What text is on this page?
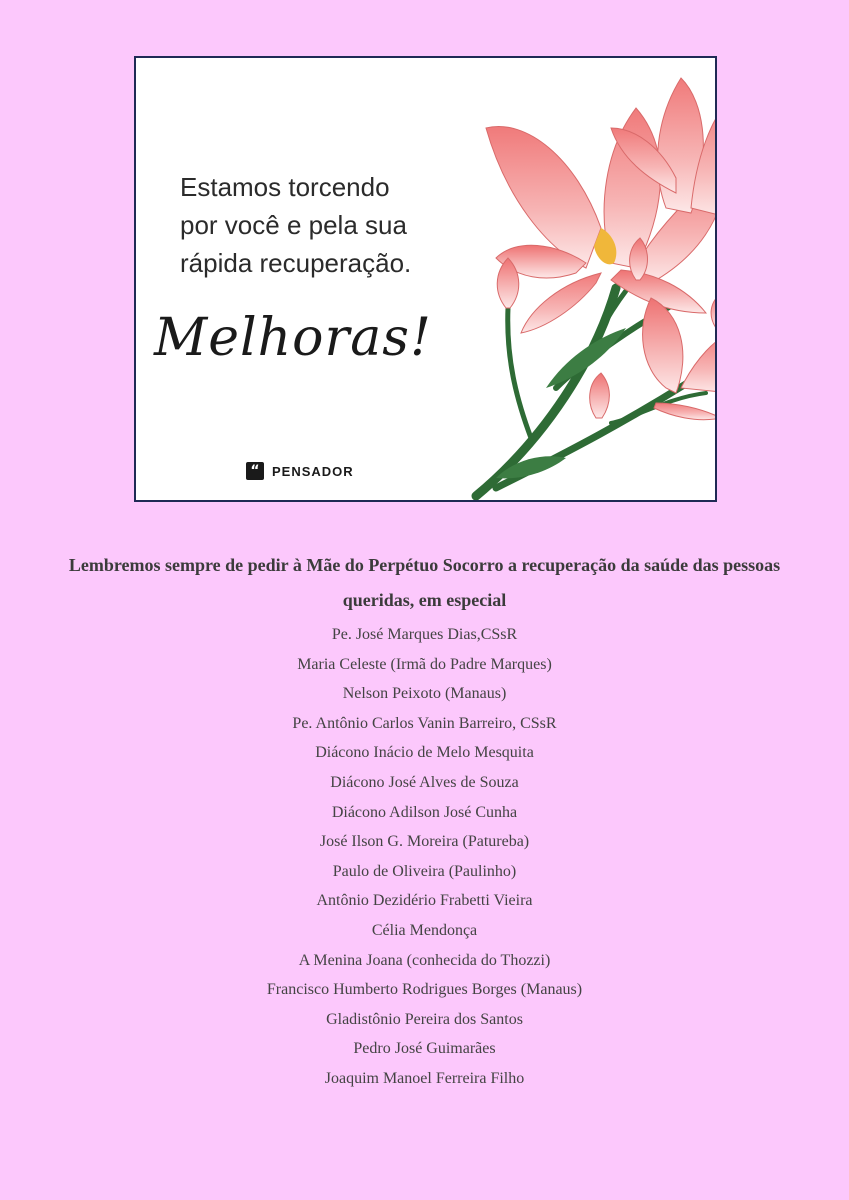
Estamos torcendo
por você e pela sua
rápida recuperação.

Melhoras!
“ PENSADOR

Lembremos sempre de pedir à Mãe do Perpétuo Socorro a recuperação da saúde das pessoas queridas, em especial

Pe. José Marques Dias,CSsR
Maria Celeste (Irmã do Padre Marques)
Nelson Peixoto (Manaus)
Pe. Antônio Carlos Vanin Barreiro, CSsR
Diácono Inácio de Melo Mesquita
Diácono José Alves de Souza
Diácono Adilson José Cunha
José Ilson G. Moreira (Patureba)
Paulo de Oliveira (Paulinho)
Antônio Dezidério Frabetti Vieira
Célia Mendonça
A Menina Joana (conhecida do Thozzi)
Francisco Humberto Rodrigues Borges (Manaus)
Gladistônio Pereira dos Santos
Pedro José Guimarães
Joaquim Manoel Ferreira Filho
